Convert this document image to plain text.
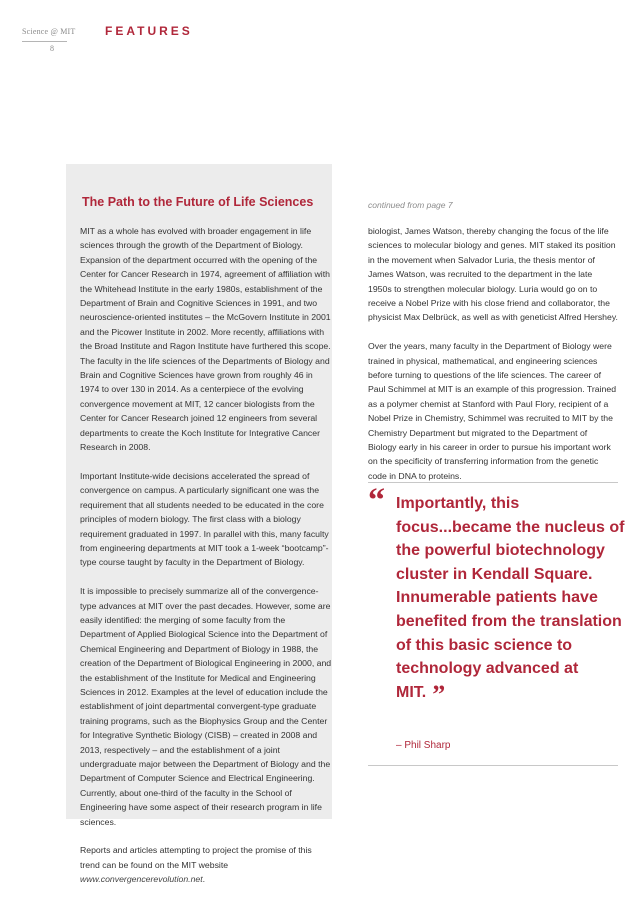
Science @ MIT
8
FEATURES
The Path to the Future of Life Sciences

MIT as a whole has evolved with broader engagement in life sciences through the growth of the Department of Biology. Expansion of the department occurred with the opening of the Center for Cancer Research in 1974, agreement of affiliation with the Whitehead Institute in the early 1980s, establishment of the Department of Brain and Cognitive Sciences in 1991, and two neuroscience-oriented institutes – the McGovern Institute in 2001 and the Picower Institute in 2002. More recently, affiliations with the Broad Institute and Ragon Institute have furthered this scope. The faculty in the life sciences of the Departments of Biology and Brain and Cognitive Sciences have grown from roughly 46 in 1974 to over 130 in 2014. As a centerpiece of the evolving convergence movement at MIT, 12 cancer biologists from the Center for Cancer Research joined 12 engineers from several departments to create the Koch Institute for Integrative Cancer Research in 2008.

Important Institute-wide decisions accelerated the spread of convergence on campus. A particularly significant one was the requirement that all students needed to be educated in the core principles of modern biology. The first class with a biology requirement graduated in 1997. In parallel with this, many faculty from engineering departments at MIT took a 1-week “bootcamp”-type course taught by faculty in the Department of Biology.

It is impossible to precisely summarize all of the convergence-type advances at MIT over the past decades. However, some are easily identified: the merging of some faculty from the Department of Applied Biological Science into the Department of Chemical Engineering and Department of Biology in 1988, the creation of the Department of Biological Engineering in 2000, and the establishment of the Institute for Medical and Engineering Sciences in 2012. Examples at the level of education include the establishment of joint departmental convergent-type graduate training programs, such as the Biophysics Group and the Center for Integrative Synthetic Biology (CISB) – created in 2008 and 2013, respectively – and the establishment of a joint undergraduate major between the Department of Biology and the Department of Computer Science and Electrical Engineering. Currently, about one-third of the faculty in the School of Engineering have some aspect of their research program in life sciences.

Reports and articles attempting to project the promise of this trend can be found on the MIT website www.convergencerevolution.net.

continued from page 7

biologist, James Watson, thereby changing the focus of the life sciences to molecular biology and genes. MIT staked its position in the movement when Salvador Luria, the thesis mentor of James Watson, was recruited to the department in the late 1950s to strengthen molecular biology. Luria would go on to receive a Nobel Prize with his close friend and collaborator, the physicist Max Delbrück, as well as with geneticist Alfred Hershey.

Over the years, many faculty in the Department of Biology were trained in physical, mathematical, and engineering sciences before turning to questions of the life sciences. The career of Paul Schimmel at MIT is an example of this progression. Trained as a polymer chemist at Stanford with Paul Flory, recipient of a Nobel Prize in Chemistry, Schimmel was recruited to MIT by the Chemistry Department but migrated to the Department of Biology early in his career in order to pursue his important work on the specificity of transferring information from the genetic code in DNA to proteins.

“ Importantly, this focus...became the nucleus of the powerful biotechnology cluster in Kendall Square. Innumerable patients have benefited from the translation of this basic science to technology advanced at MIT. ”
– Phil Sharp
